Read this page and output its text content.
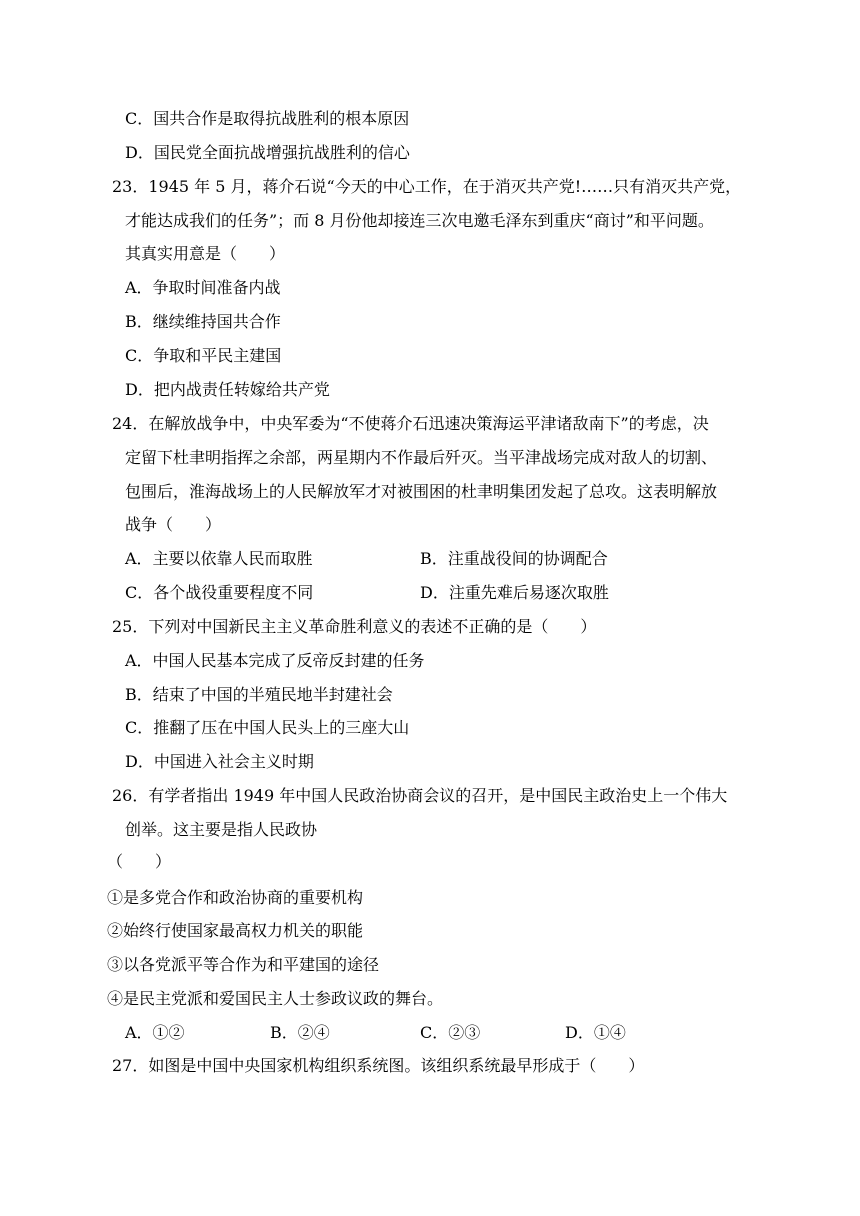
C．国共合作是取得抗战胜利的根本原因
D．国民党全面抗战增强抗战胜利的信心
23．1945 年 5 月，蒋介石说“今天的中心工作，在于消灭共产党!……只有消灭共产党，
才能达成我们的任务”；而 8 月份他却接连三次电邀毛泽东到重庆“商讨”和平问题。
其真实用意是（　　）
A．争取时间准备内战
B．继续维持国共合作
C．争取和平民主建国
D．把内战责任转嫁给共产党
24．在解放战争中，中央军委为“不使蒋介石迅速决策海运平津诸敌南下”的考虑，决
定留下杜聿明指挥之余部，两星期内不作最后歼灭。当平津战场完成对敌人的切割、
包围后，淮海战场上的人民解放军才对被围困的杜聿明集团发起了总攻。这表明解放
战争（　　）
A．主要以依靠人民而取胜	B．注重战役间的协调配合
C．各个战役重要程度不同	D．注重先难后易逐次取胜
25．下列对中国新民主主义革命胜利意义的表述不正确的是（　　）
A．中国人民基本完成了反帝反封建的任务
B．结束了中国的半殖民地半封建社会
C．推翻了压在中国人民头上的三座大山
D．中国进入社会主义时期
26．有学者指出 1949 年中国人民政治协商会议的召开，是中国民主政治史上一个伟大
创举。这主要是指人民政协
（　　）
①是多党合作和政治协商的重要机构
②始终行使国家最高权力机关的职能
③以各党派平等合作为和平建国的途径
④是民主党派和爱国民主人士参政议政的舞台。
A．①②	B．②④	C．②③	D．①④
27．如图是中国中央国家机构组织系统图。该组织系统最早形成于（　　）
